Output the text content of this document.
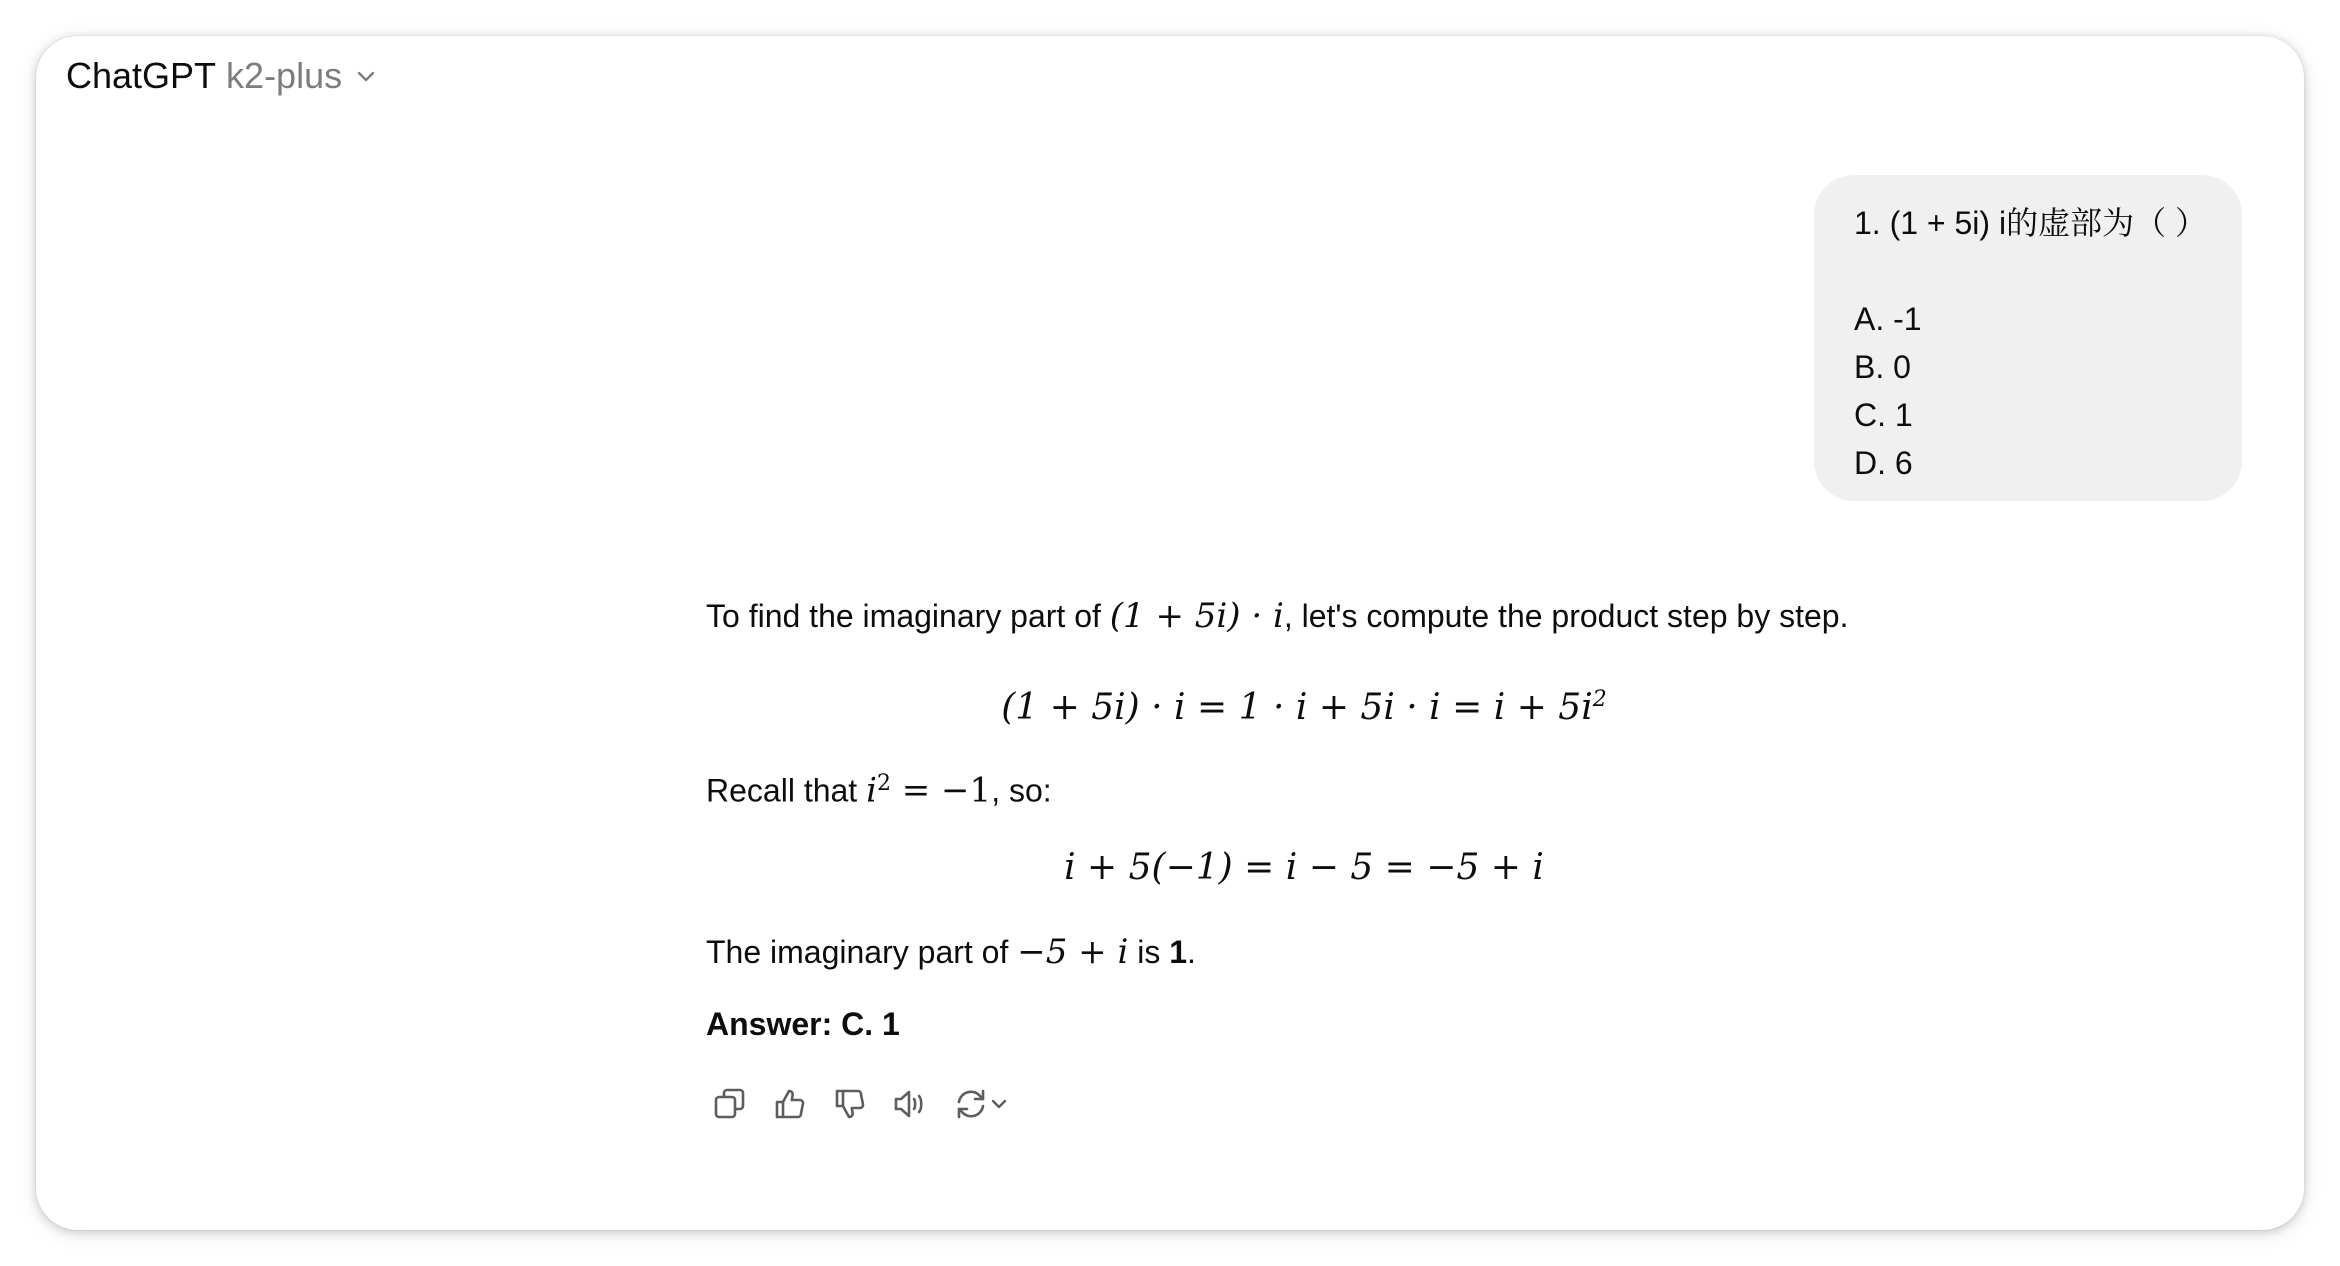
ChatGPT k2-plus
1. (1 + 5i) i的虚部为（ ）
A. -1
B. 0
C. 1
D. 6
To find the imaginary part of (1 + 5i) · i, let's compute the product step by step.
$(1 + 5i) \cdot i = 1 \cdot i + 5i \cdot i = i + 5i^2$
Recall that $i^2 = -1$, so:
i + 5(−1) = i − 5 = −5 + i
The imaginary part of −5 + i is 1.
Answer: C. 1
